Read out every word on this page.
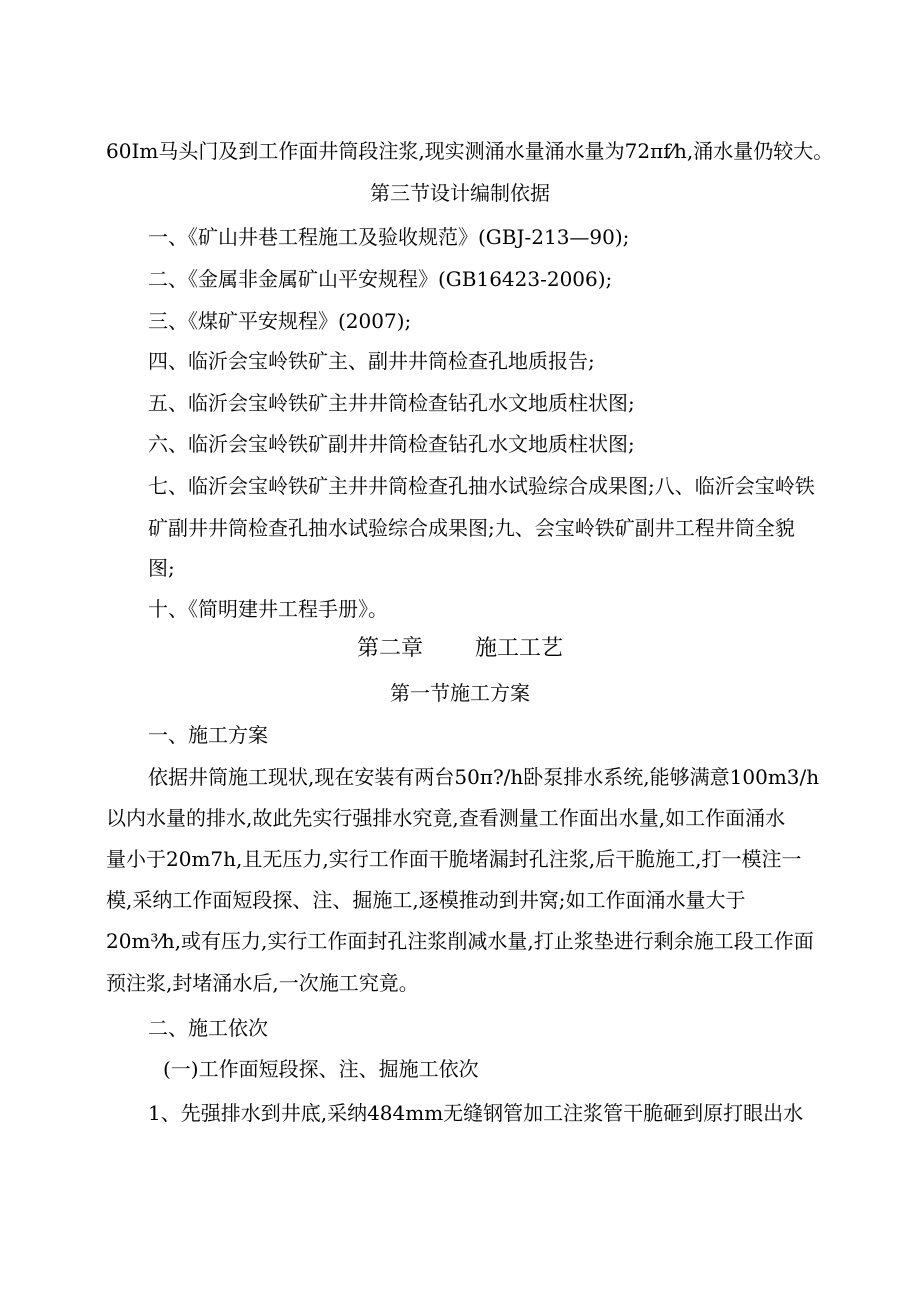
60Im马头门及到工作面井筒段注浆,现实测涌水量涌水量为72πf⁄h,涌水量仍较大。
第三节设计编制依据
一、《矿山井巷工程施工及验收规范》(GBJ-213—90);
二、《金属非金属矿山平安规程》(GB16423-2006);
三、《煤矿平安规程》(2007);
四、临沂会宝岭铁矿主、副井井筒检查孔地质报告;
五、临沂会宝岭铁矿主井井筒检查钻孔水文地质柱状图;
六、临沂会宝岭铁矿副井井筒检查钻孔水文地质柱状图;
七、临沂会宝岭铁矿主井井筒检查孔抽水试验综合成果图;八、临沂会宝岭铁
矿副井井筒检查孔抽水试验综合成果图;九、会宝岭铁矿副井工程井筒全貌
图;
十、《简明建井工程手册》。
第二章 施工工艺
第一节施工方案
一、施工方案
依据井筒施工现状,现在安装有两台50π?/h卧泵排水系统,能够满意100m3/h
以内水量的排水,故此先实行强排水究竟,查看测量工作面出水量,如工作面涌水
量小于20m7h,且无压力,实行工作面干脆堵漏封孔注浆,后干脆施工,打一模注一
模,采纳工作面短段探、注、掘施工,逐模推动到井窝;如工作面涌水量大于
20m³⁄h,或有压力,实行工作面封孔注浆削减水量,打止浆垫进行剩余施工段工作面
预注浆,封堵涌水后,一次施工究竟。
二、施工依次
(一)工作面短段探、注、掘施工依次
1、先强排水到井底,采纳484mm无缝钢管加工注浆管干脆砸到原打眼出水
